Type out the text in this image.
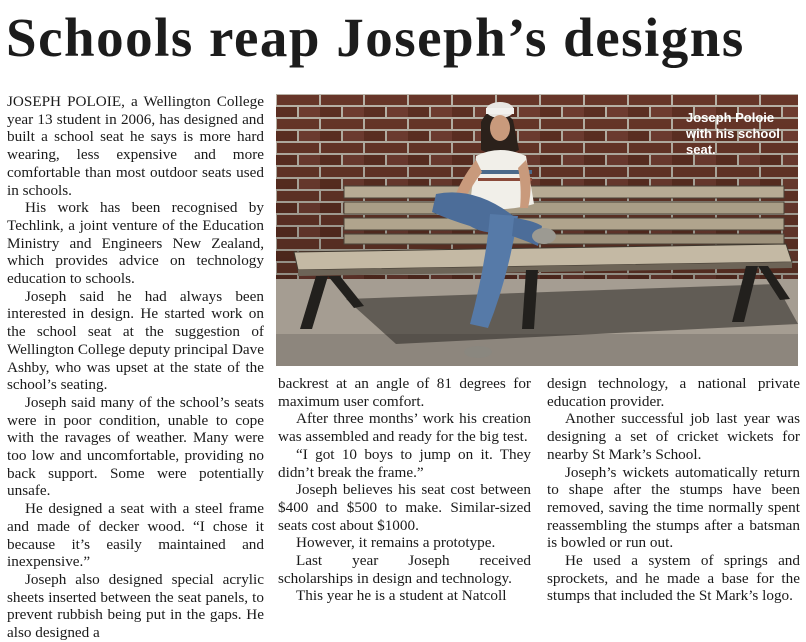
Schools reap Joseph’s designs

JOSEPH POLOIE, a Wellington College year 13 student in 2006, has designed and built a school seat he says is more hard wearing, less expensive and more comfortable than most outdoor seats used in schools.

His work has been recognised by Techlink, a joint venture of the Education Ministry and Engineers New Zealand, which provides advice on technology education to schools.

Joseph said he had always been interested in design. He started work on the school seat at the suggestion of Wellington College deputy principal Dave Ashby, who was upset at the state of the school’s seating.

Joseph said many of the school’s seats were in poor condition, unable to cope with the ravages of weather. Many were too low and uncomfortable, providing no back support. Some were potentially unsafe.

He designed a seat with a steel frame and made of decker wood. “I chose it because it’s easily maintained and inexpensive.”

Joseph also designed special acrylic sheets inserted between the seat panels, to prevent rubbish being put in the gaps. He also designed a

Joseph Poloie with his school seat.

backrest at an angle of 81 degrees for maximum user comfort.

After three months’ work his creation was assembled and ready for the big test.

“I got 10 boys to jump on it. They didn’t break the frame.”

Joseph believes his seat cost between $400 and $500 to make. Similar-sized seats cost about $1000.

However, it remains a prototype.

Last year Joseph received scholarships in design and technology.

This year he is a student at Natcoll

design technology, a national private education provider.

Another successful job last year was designing a set of cricket wickets for nearby St Mark’s School.

Joseph’s wickets automatically return to shape after the stumps have been removed, saving the time normally spent reassembling the stumps after a batsman is bowled or run out.

He used a system of springs and sprockets, and he made a base for the stumps that included the St Mark’s logo.
